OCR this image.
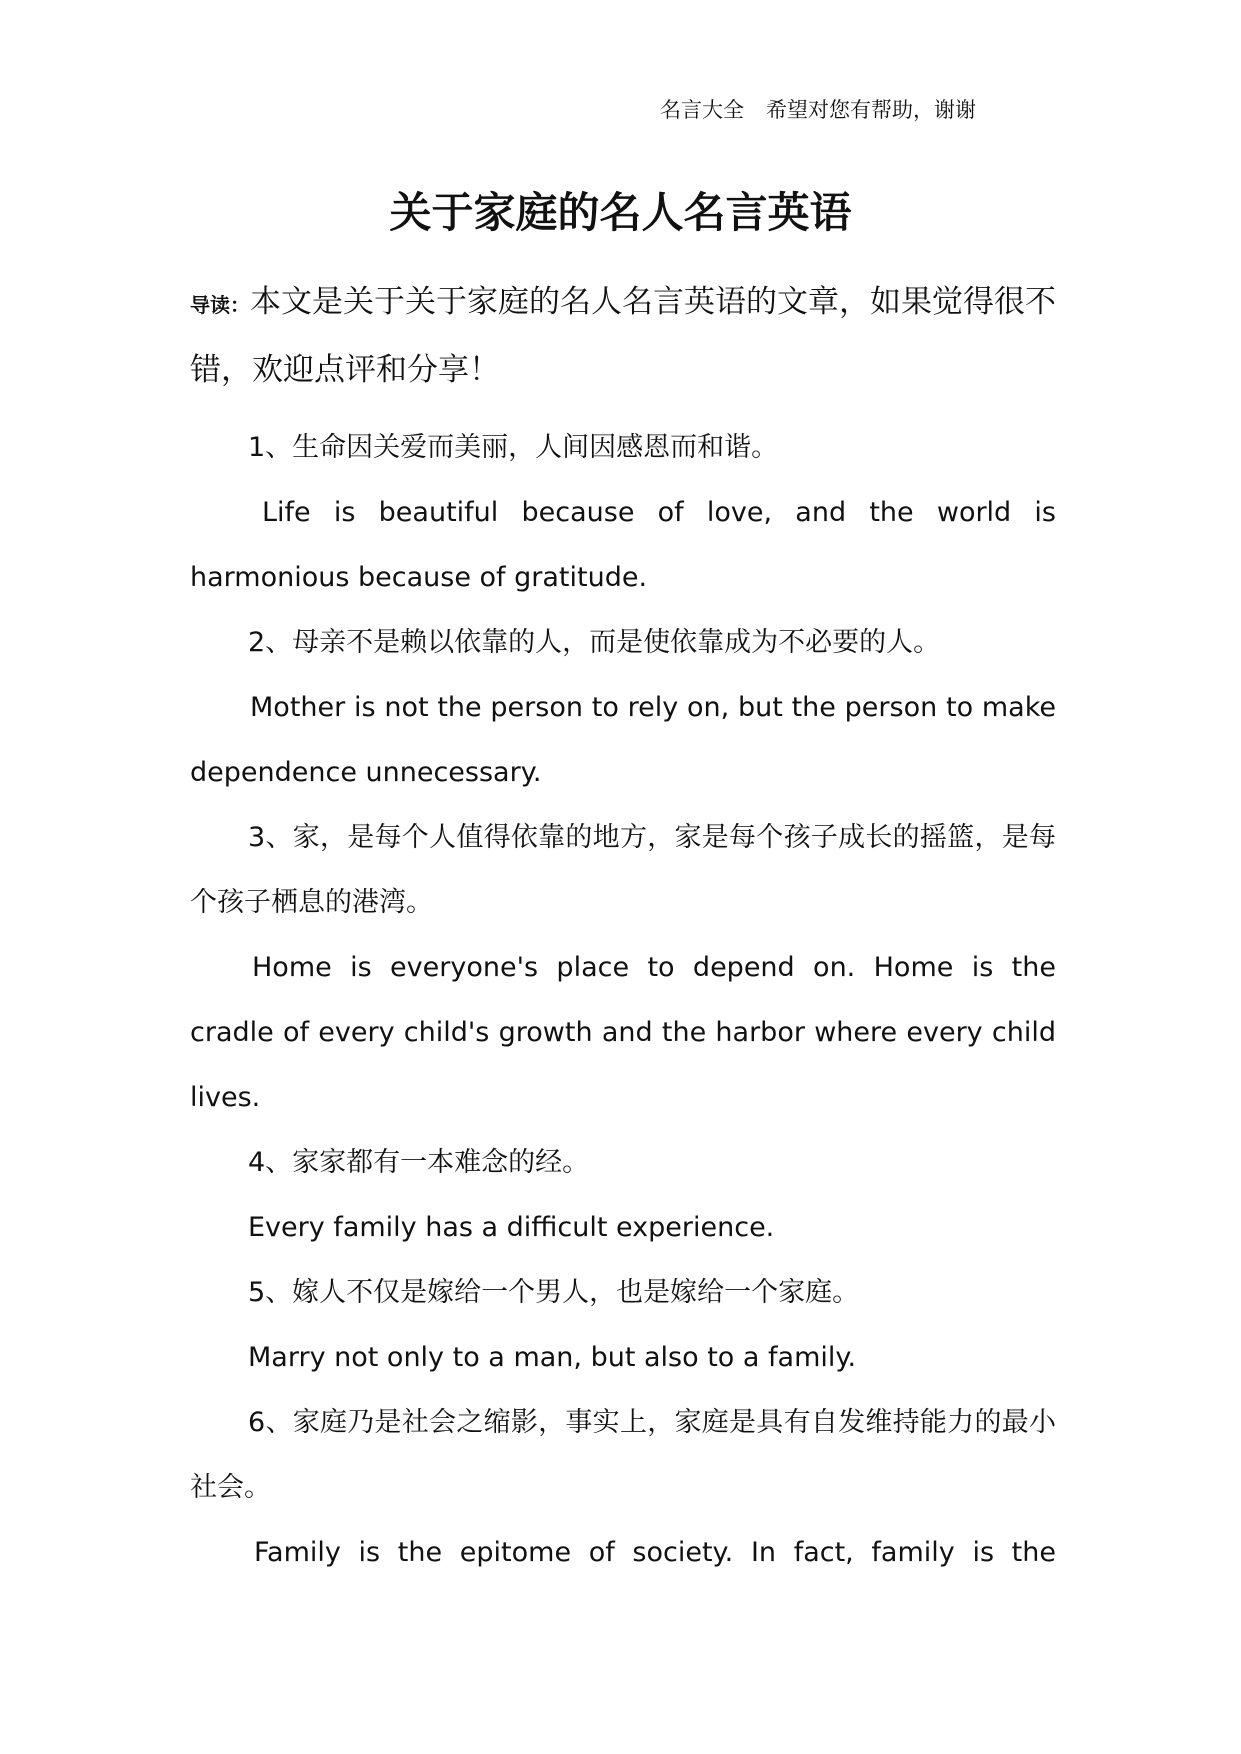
名言大全 希望对您有帮助，谢谢
关于家庭的名人名言英语

导读：本文是关于关于家庭的名人名言英语的文章，如果觉得很不错，欢迎点评和分享！

1、生命因关爱而美丽，人间因感恩而和谐。

Life is beautiful because of love, and the world is harmonious because of gratitude.

2、母亲不是赖以依靠的人，而是使依靠成为不必要的人。

Mother is not the person to rely on, but the person to make dependence unnecessary.

3、家，是每个人值得依靠的地方，家是每个孩子成长的摇篮，是每个孩子栖息的港湾。

Home is everyone's place to depend on. Home is the cradle of every child's growth and the harbor where every child lives.

4、家家都有一本难念的经。

Every family has a difficult experience.

5、嫁人不仅是嫁给一个男人，也是嫁给一个家庭。

Marry not only to a man, but also to a family.

6、家庭乃是社会之缩影，事实上，家庭是具有自发维持能力的最小社会。

Family is the epitome of society. In fact, family is the
